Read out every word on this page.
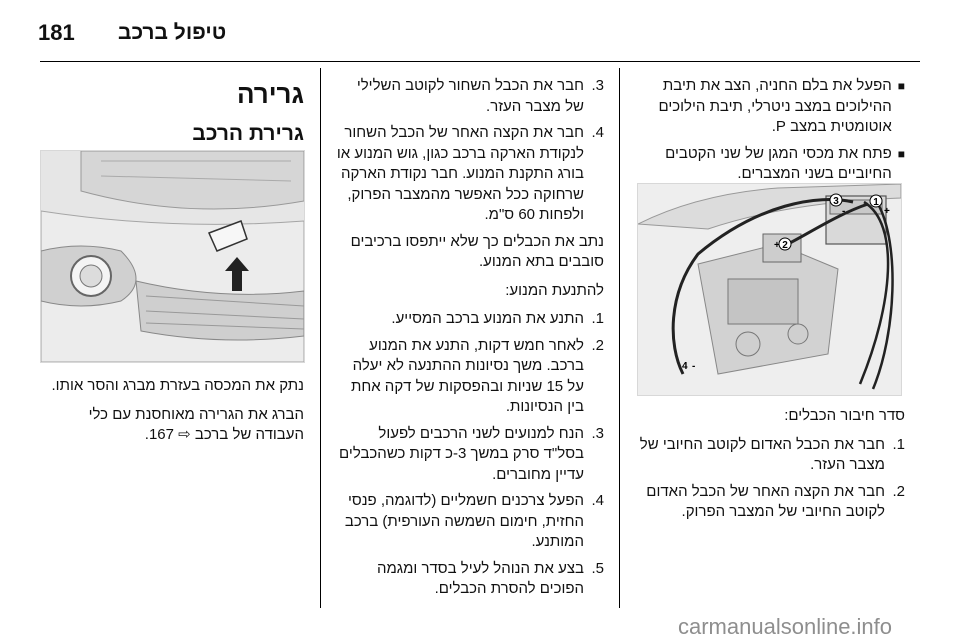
181 טיפול ברכב
■
הפעל את בלם החניה, הצב את תיבת ההילוכים במצב ניטרלי, תיבת הילוכים אוטומטית במצב P.
■
פתח את מכסי המגן של שני הקטבים החיוביים בשני המצברים.
1
+
3
-
2
+
4 -

סדר חיבור הכבלים:

1.
חבר את הכבל האדום לקוטב החיובי של מצבר העזר.
2.
חבר את הקצה האחר של הכבל האדום לקוטב החיובי של המצבר הפרוק.
3.
חבר את הכבל השחור לקוטב השלילי של מצבר העזר.
4.
חבר את הקצה האחר של הכבל השחור לנקודת הארקה ברכב כגון, גוש המנוע או בורג התקנת המנוע. חבר נקודת הארקה שרחוקה ככל האפשר מהמצבר הפרוק, ולפחות 60 ס"מ.

נתב את הכבלים כך שלא ייתפסו ברכיבים סובבים בתא המנוע.

להתנעת המנוע:

1.
התנע את המנוע ברכב המסייע.
2.
לאחר חמש דקות, התנע את המנוע ברכב. משך נסיונות ההתנעה לא יעלה על 15 שניות ובהפסקות של דקה אחת בין הנסיונות.
3.
הנח למנועים לשני הרכבים לפעול בסל"ד סרק במשך 3-כ דקות כשהכבלים עדיין מחוברים.
4.
הפעל צרכנים חשמליים (לדוגמה, פנסי החזית, חימום השמשה העורפית) ברכב המותנע.
5.
בצע את הנוהל לעיל בסדר ומגמה הפוכים להסרת הכבלים.
גרירה
גרירת הרכב

נתק את המכסה בעזרת מברג והסר אותו.

הברג את הגרירה מאוחסנת עם כלי העבודה של ברכב ⇨ 167.

carmanualsonline.info
